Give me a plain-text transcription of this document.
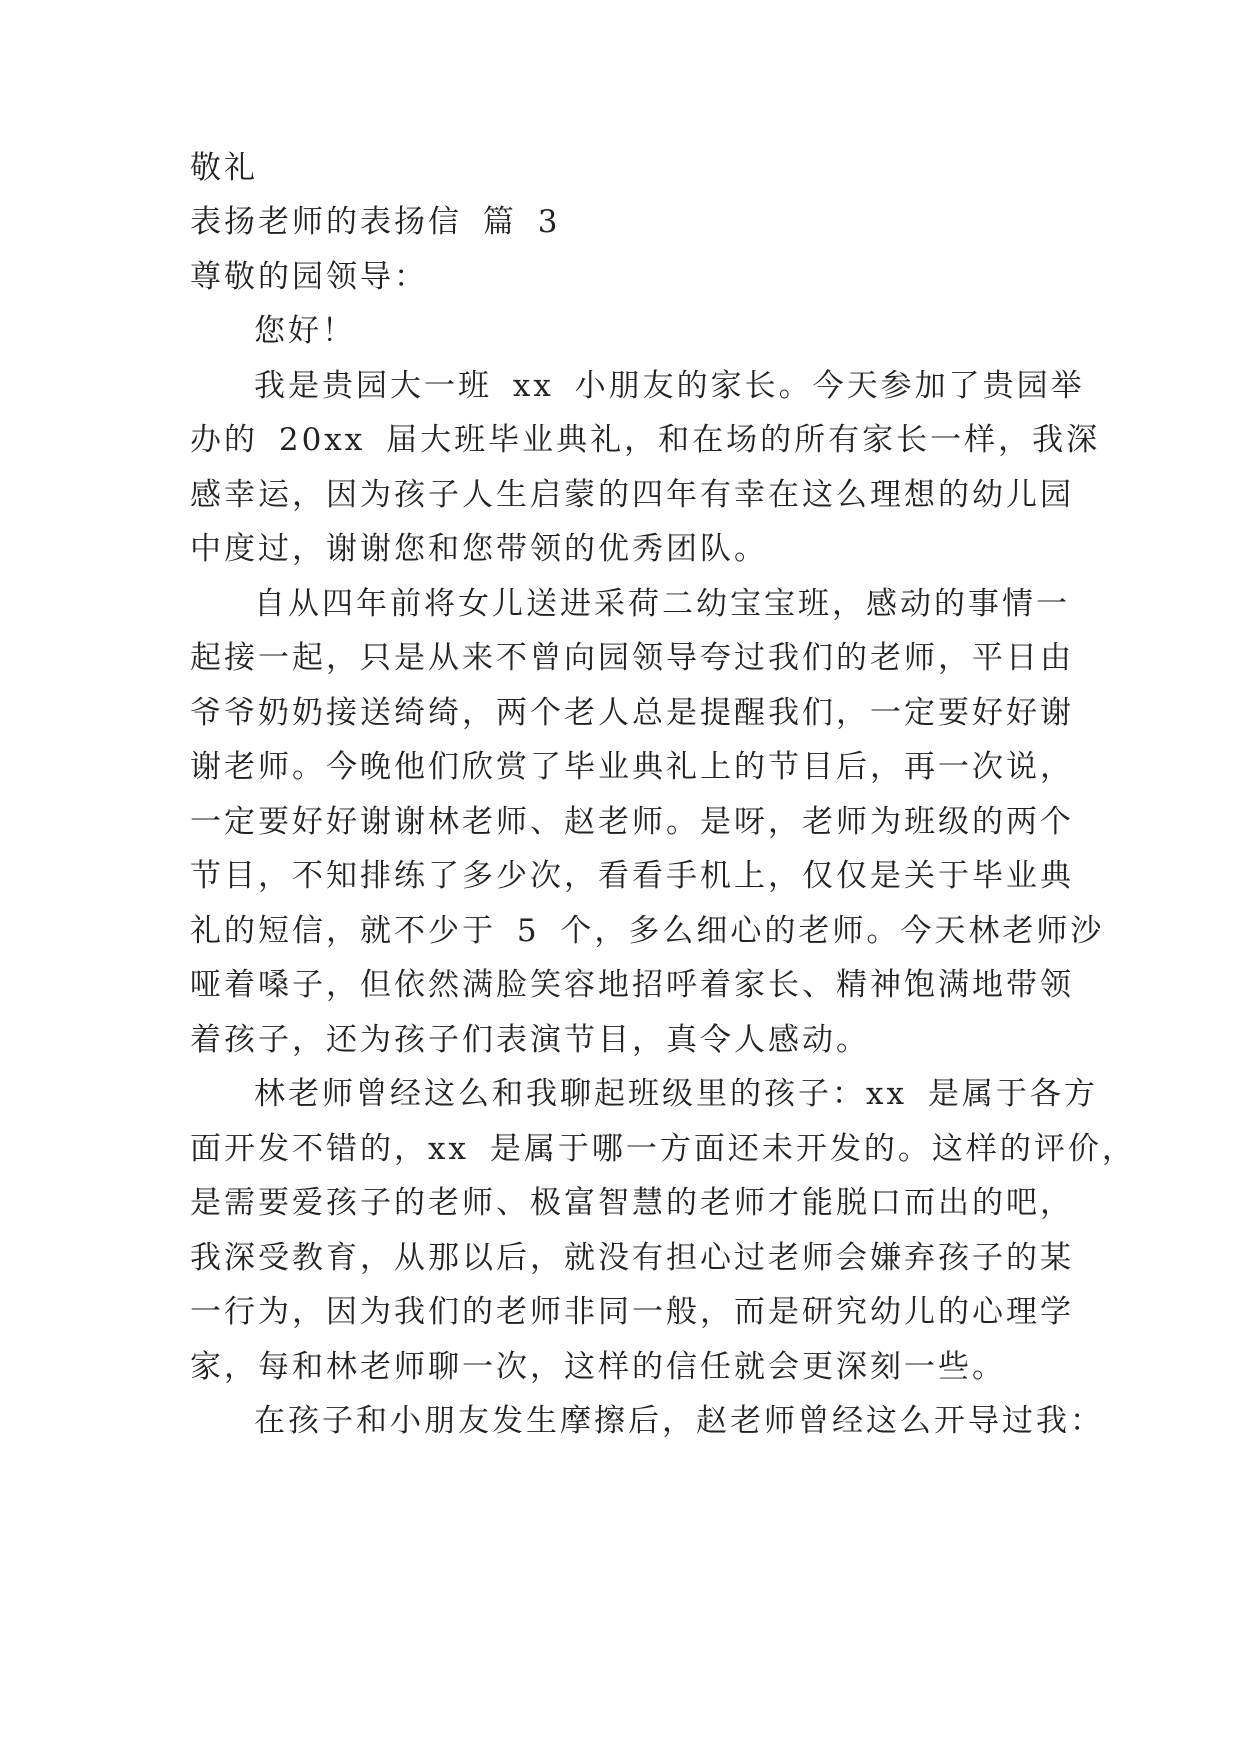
敬礼
表扬老师的表扬信 篇 3
尊敬的园领导：
您好！
我是贵园大一班 xx 小朋友的家长。今天参加了贵园举
办的 20xx 届大班毕业典礼，和在场的所有家长一样，我深
感幸运，因为孩子人生启蒙的四年有幸在这么理想的幼儿园
中度过，谢谢您和您带领的优秀团队。
自从四年前将女儿送进采荷二幼宝宝班，感动的事情一
起接一起，只是从来不曾向园领导夸过我们的老师，平日由
爷爷奶奶接送绮绮，两个老人总是提醒我们，一定要好好谢
谢老师。今晚他们欣赏了毕业典礼上的节目后，再一次说，
一定要好好谢谢林老师、赵老师。是呀，老师为班级的两个
节目，不知排练了多少次，看看手机上，仅仅是关于毕业典
礼的短信，就不少于 5 个，多么细心的老师。今天林老师沙
哑着嗓子，但依然满脸笑容地招呼着家长、精神饱满地带领
着孩子，还为孩子们表演节目，真令人感动。
林老师曾经这么和我聊起班级里的孩子：xx 是属于各方
面开发不错的，xx 是属于哪一方面还未开发的。这样的评价，
是需要爱孩子的老师、极富智慧的老师才能脱口而出的吧，
我深受教育，从那以后，就没有担心过老师会嫌弃孩子的某
一行为，因为我们的老师非同一般，而是研究幼儿的心理学
家，每和林老师聊一次，这样的信任就会更深刻一些。
在孩子和小朋友发生摩擦后，赵老师曾经这么开导过我：
